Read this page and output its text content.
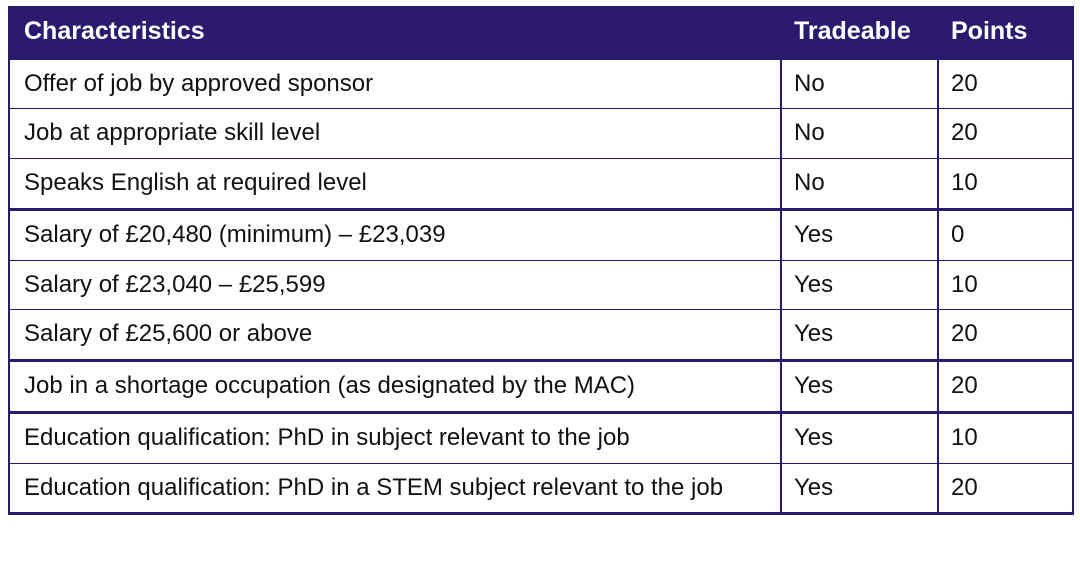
Characteristics	Tradeable	Points
Offer of job by approved sponsor	No	20
Job at appropriate skill level	No	20
Speaks English at required level	No	10
Salary of £20,480 (minimum) – £23,039	Yes	0
Salary of £23,040 – £25,599	Yes	10
Salary of £25,600 or above	Yes	20
Job in a shortage occupation (as designated by the MAC)	Yes	20
Education qualification: PhD in subject relevant to the job	Yes	10
Education qualification: PhD in a STEM subject relevant to the job	Yes	20
